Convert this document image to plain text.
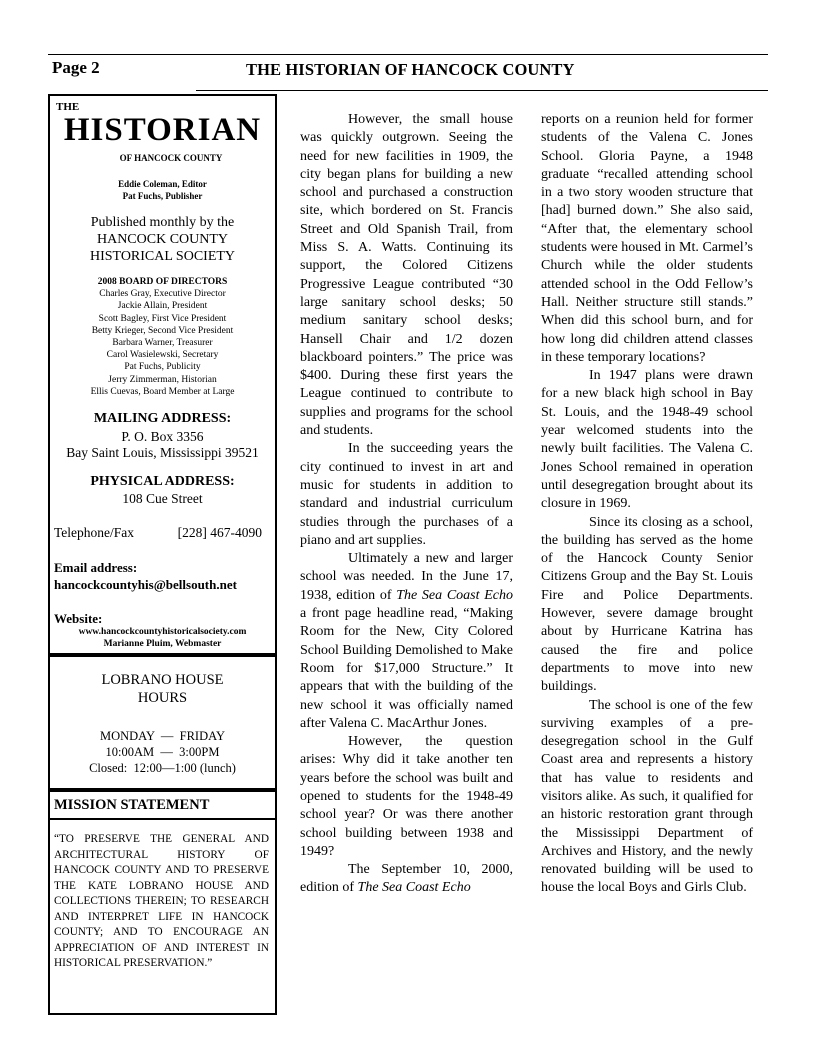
Page 2	THE HISTORIAN OF HANCOCK COUNTY
THE
HISTORIAN
OF HANCOCK COUNTY
Eddie Coleman, Editor
Pat Fuchs, Publisher
Published monthly by the
HANCOCK COUNTY
HISTORICAL SOCIETY
2008 BOARD OF DIRECTORS
Charles Gray, Executive Director
Jackie Allain, President
Scott Bagley, First Vice President
Betty Krieger, Second Vice President
Barbara Warner, Treasurer
Carol Wasielewski, Secretary
Pat Fuchs, Publicity
Jerry Zimmerman, Historian
Ellis Cuevas, Board Member at Large
MAILING ADDRESS:
P. O. Box 3356
Bay Saint Louis, Mississippi 39521
PHYSICAL ADDRESS:
108 Cue Street
Telephone/Fax	[228] 467-4090
Email address:
hancockcountyhis@bellsouth.net
Website:
www.hancockcountyhistoricalsociety.com
Marianne Pluim, Webmaster
LOBRANO HOUSE
HOURS
MONDAY  —  FRIDAY
10:00AM  —  3:00PM
Closed:  12:00—1:00 (lunch)
MISSION STATEMENT
“TO PRESERVE THE GENERAL AND ARCHITECTURAL HISTORY OF HANCOCK COUNTY AND TO PRESERVE THE KATE LOBRANO HOUSE AND COLLECTIONS THEREIN; TO RESEARCH AND INTERPRET LIFE IN HANCOCK COUNTY; AND TO ENCOURAGE AN APPRECIATION OF AND INTEREST IN HISTORICAL PRESERVATION.”

However, the small house was quickly outgrown. Seeing the need for new facilities in 1909, the city began plans for building a new school and purchased a construction site, which bordered on St. Francis Street and Old Spanish Trail, from Miss S. A. Watts. Continuing its support, the Colored Citizens Progressive League contributed “30 large sanitary school desks; 50 medium sanitary school desks; Hansell Chair and 1/2 dozen blackboard pointers.” The price was $400. During these first years the League continued to contribute to supplies and programs for the school and students.

In the succeeding years the city continued to invest in art and music for students in addition to standard and industrial curriculum studies through the purchases of a piano and art supplies.

Ultimately a new and larger school was needed. In the June 17, 1938, edition of The Sea Coast Echo a front page headline read, “Making Room for the New, City Colored School Building Demolished to Make Room for $17,000 Structure.” It appears that with the building of the new school it was officially named after Valena C. MacArthur Jones.

However, the question arises: Why did it take another ten years before the school was built and opened to students for the 1948-49 school year? Or was there another school building between 1938 and 1949?

The September 10, 2000, edition of The Sea Coast Echo

reports on a reunion held for former students of the Valena C. Jones School. Gloria Payne, a 1948 graduate “recalled attending school in a two story wooden structure that [had] burned down.” She also said, “After that, the elementary school students were housed in Mt. Carmel’s Church while the older students attended school in the Odd Fellow’s Hall. Neither structure still stands.” When did this school burn, and for how long did children attend classes in these temporary locations?

In 1947 plans were drawn for a new black high school in Bay St. Louis, and the 1948-49 school year welcomed students into the newly built facilities. The Valena C. Jones School remained in operation until desegregation brought about its closure in 1969.

Since its closing as a school, the building has served as the home of the Hancock County Senior Citizens Group and the Bay St. Louis Fire and Police Departments. However, severe damage brought about by Hurricane Katrina has caused the fire and police departments to move into new buildings.

The school is one of the few surviving examples of a pre-desegregation school in the Gulf Coast area and represents a history that has value to residents and visitors alike. As such, it qualified for an historic restoration grant through the Mississippi Department of Archives and History, and the newly renovated building will be used to house the local Boys and Girls Club.
